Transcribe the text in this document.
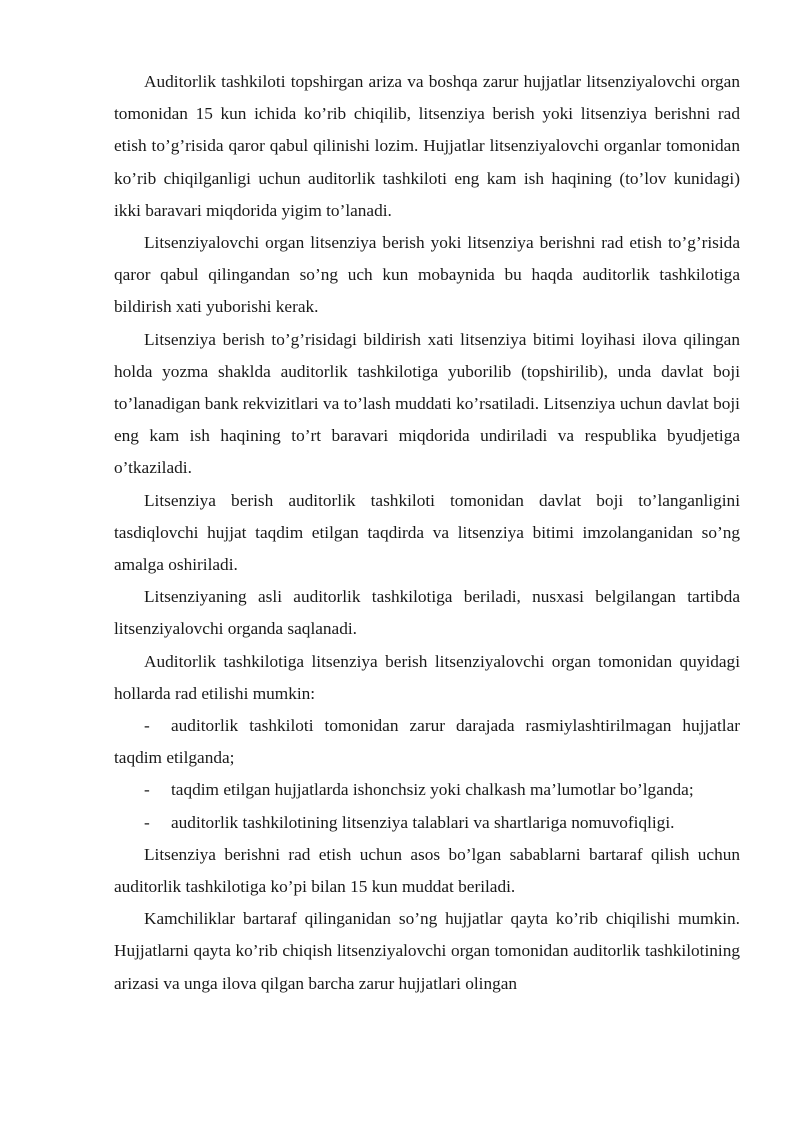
Auditorlik tashkiloti topshirgan ariza va boshqa zarur hujjatlar litsenziyalovchi organ tomonidan 15 kun ichida ko’rib chiqilib, litsenziya berish yoki litsenziya berishni rad etish to’g’risida qaror qabul qilinishi lozim. Hujjatlar litsenziyalovchi organlar tomonidan ko’rib chiqilganligi uchun auditorlik tashkiloti eng kam ish haqining (to’lov kunidagi) ikki baravari miqdorida yigim to’lanadi.

Litsenziyalovchi organ litsenziya berish yoki litsenziya berishni rad etish to’g’risida qaror qabul qilingandan so’ng uch kun mobaynida bu haqda auditorlik tashkilotiga bildirish xati yuborishi kerak.

Litsenziya berish to’g’risidagi bildirish xati litsenziya bitimi loyihasi ilova qilingan holda yozma shaklda auditorlik tashkilotiga yuborilib (topshirilib), unda davlat boji to’lanadigan bank rekvizitlari va to’lash muddati ko’rsatiladi. Litsenziya uchun davlat boji eng kam ish haqining to’rt baravari miqdorida undiriladi va respublika byudjetiga o’tkaziladi.

Litsenziya berish auditorlik tashkiloti tomonidan davlat boji to’langanligini tasdiqlovchi hujjat taqdim etilgan taqdirda va litsenziya bitimi imzolanganidan so’ng amalga oshiriladi.

Litsenziyaning asli auditorlik tashkilotiga beriladi, nusxasi belgilangan tartibda litsenziyalovchi organda saqlanadi.

Auditorlik tashkilotiga litsenziya berish litsenziyalovchi organ tomonidan quyidagi hollarda rad etilishi mumkin:

- auditorlik tashkiloti tomonidan zarur darajada rasmiylashtirilmagan hujjatlar taqdim etilganda;

- taqdim etilgan hujjatlarda ishonchsiz yoki chalkash ma’lumotlar bo’lganda;

- auditorlik tashkilotining litsenziya talablari va shartlariga nomuvofiqligi.

Litsenziya berishni rad etish uchun asos bo’lgan sabablarni bartaraf qilish uchun auditorlik tashkilotiga ko’pi bilan 15 kun muddat beriladi.

Kamchiliklar bartaraf qilinganidan so’ng hujjatlar qayta ko’rib chiqilishi mumkin. Hujjatlarni qayta ko’rib chiqish litsenziyalovchi organ tomonidan auditorlik tashkilotining arizasi va unga ilova qilgan barcha zarur hujjatlari olingan
